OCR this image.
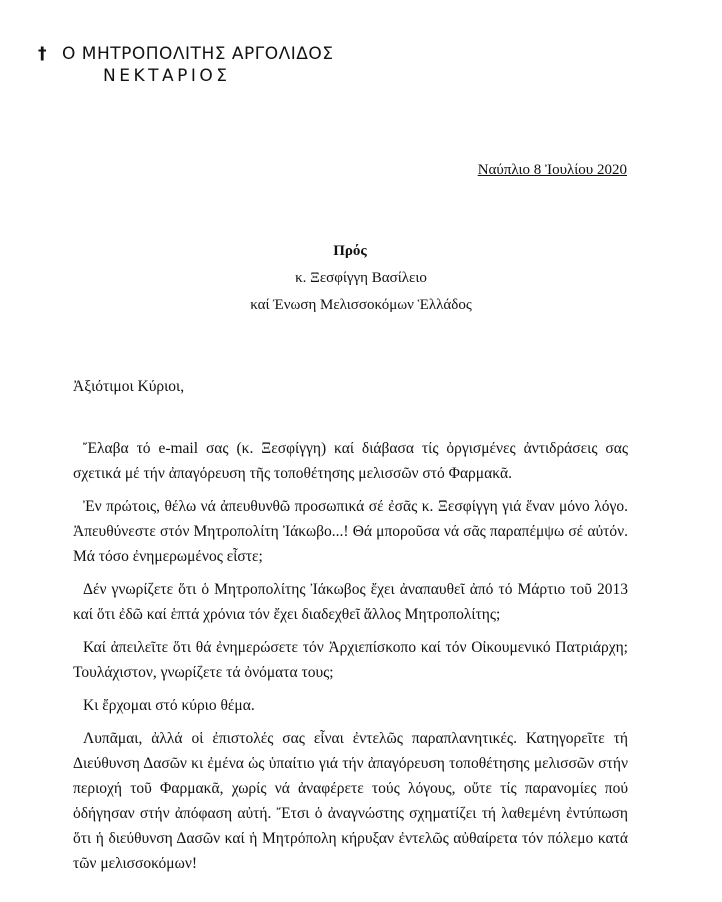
† Ο ΜΗΤΡΟΠΟΛΙΤΗΣ ΑΡΓΟΛΙΔΟΣ
ΝΕΚΤΑΡΙΟΣ
Ναύπλιο 8 Ἰουλίου 2020
Πρός
κ. Ξεσφίγγη Βασίλειο
καί Ένωση Μελισσοκόμων Ἑλλάδος
Ἀξιότιμοι Κύριοι,

Ἔλαβα τό e-mail σας (κ. Ξεσφίγγη) καί διάβασα τίς ὀργισμένες ἀντιδράσεις σας σχετικά μέ τήν ἀπαγόρευση τῆς τοποθέτησης μελισσῶν στό Φαρμακᾶ.

Ἐν πρώτοις, θέλω νά ἀπευθυνθῶ προσωπικά σέ ἐσᾶς κ. Ξεσφίγγη γιά ἕναν μόνο λόγο. Ἀπευθύνεστε στόν Μητροπολίτη Ἰάκωβο...! Θά μποροῦσα νά σᾶς παραπέμψω σέ αὐτόν. Μά τόσο ἐνημερωμένος εἶστε;

Δέν γνωρίζετε ὅτι ὁ Μητροπολίτης Ἰάκωβος ἔχει ἀναπαυθεῖ ἀπό τό Μάρτιο τοῦ 2013 καί ὅτι ἐδῶ καί ἑπτά χρόνια τόν ἔχει διαδεχθεῖ ἄλλος Μητροπολίτης;

Καί ἀπειλεῖτε ὅτι θά ἐνημερώσετε τόν Ἀρχιεπίσκοπο καί τόν Οἰκουμενικό Πατριάρχη; Τουλάχιστον, γνωρίζετε τά ὀνόματα τους;

Κι ἔρχομαι στό κύριο θέμα.

Λυπᾶμαι, ἀλλά οἱ ἐπιστολές σας εἶναι ἐντελῶς παραπλανητικές. Κατηγορεῖτε τή Διεύθυνση Δασῶν κι ἐμένα ὡς ὑπαίτιο γιά τήν ἀπαγόρευση τοποθέτησης μελισσῶν στήν περιοχή τοῦ Φαρμακᾶ, χωρίς νά ἀναφέρετε τούς λόγους, οὔτε τίς παρανομίες πού ὁδήγησαν στήν ἀπόφαση αὐτή. Ἔτσι ὁ ἀναγνώστης σχηματίζει τή λαθεμένη ἐντύπωση ὅτι ἡ διεύθυνση Δασῶν καί ἡ Μητρόπολη κήρυξαν ἐντελῶς αὐθαίρετα τόν πόλεμο κατά τῶν μελισσοκόμων!
